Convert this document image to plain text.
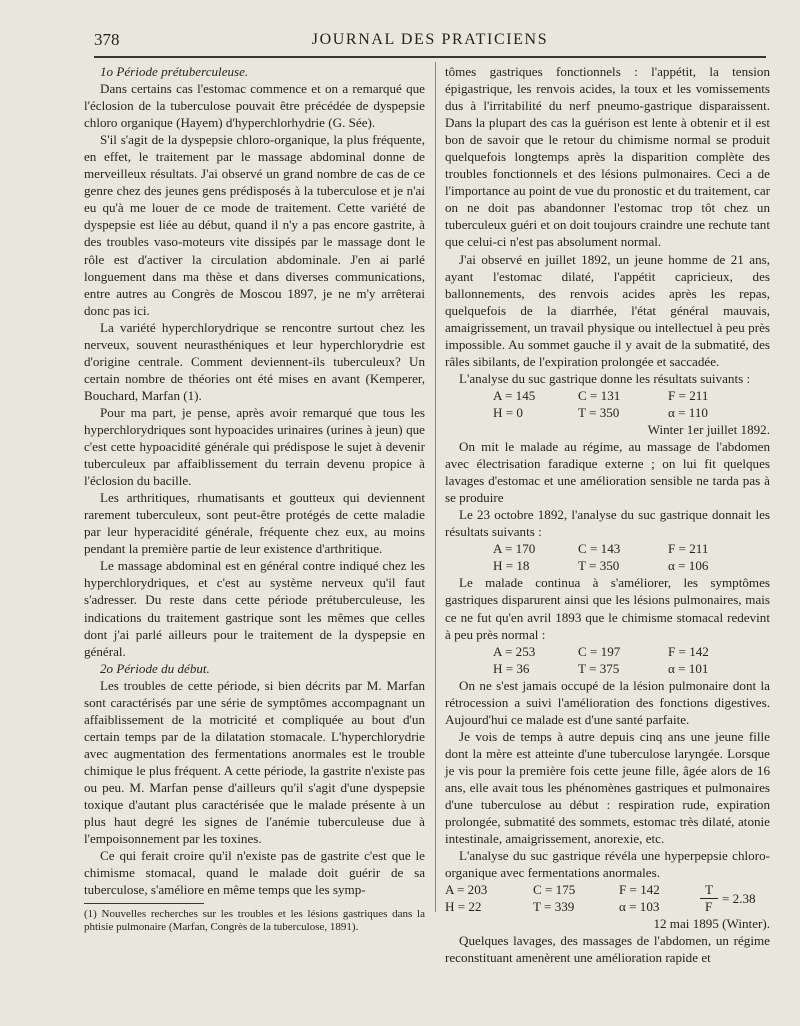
378	JOURNAL DES PRATICIENS

1o Période prétuberculeuse.

Dans certains cas l'estomac commence et on a remarqué que l'éclosion de la tuberculose pouvait être précédée de dyspepsie chloro organique (Hayem) d'hyperchlorhydrie (G. Sée).

S'il s'agit de la dyspepsie chloro-organique, la plus fréquente, en effet, le traitement par le massage abdominal donne de merveilleux résultats. J'ai observé un grand nombre de cas de ce genre chez des jeunes gens prédisposés à la tuberculose et je n'ai eu qu'à me louer de ce mode de traitement. Cette variété de dyspepsie est liée au début, quand il n'y a pas encore gastrite, à des troubles vaso-moteurs vite dissipés par le massage dont le rôle est d'activer la circulation abdominale. J'en ai parlé longuement dans ma thèse et dans diverses communications, entre autres au Congrès de Moscou 1897, je ne m'y arrêterai donc pas ici.

La variété hyperchlorydrique se rencontre surtout chez les nerveux, souvent neurasthéniques et leur hyperchlorydrie est d'origine centrale. Comment deviennent-ils tuberculeux? Un certain nombre de théories ont été mises en avant (Kemperer, Bouchard, Marfan (1).

Pour ma part, je pense, après avoir remarqué que tous les hyperchlorydriques sont hypoacides urinaires (urines à jeun) que c'est cette hypoacidité générale qui prédispose le sujet à devenir tuberculeux par affaiblissement du terrain devenu propice à l'éclosion du bacille.

Les arthritiques, rhumatisants et goutteux qui deviennent rarement tuberculeux, sont peut-être protégés de cette maladie par leur hyperacidité générale, fréquente chez eux, au moins pendant la première partie de leur existence d'arthritique.

Le massage abdominal est en général contre indiqué chez les hyperchlorydriques, et c'est au système nerveux qu'il faut s'adresser. Du reste dans cette période prétuberculeuse, les indications du traitement gastrique sont les mêmes que celles dont j'ai parlé ailleurs pour le traitement de la dyspepsie en général.

2o Période du début.

Les troubles de cette période, si bien décrits par M. Marfan sont caractérisés par une série de symptômes accompagnant un affaiblissement de la motricité et compliquée au bout d'un certain temps par de la dilatation stomacale. L'hyperchlorydrie avec augmentation des fermentations anormales est le trouble chimique le plus fréquent. A cette période, la gastrite n'existe pas ou peu. M. Marfan pense d'ailleurs qu'il s'agit d'une dyspepsie toxique d'autant plus caractérisée que le malade présente à un plus haut degré les signes de l'anémie tuberculeuse due à l'empoisonnement par les toxines.

Ce qui ferait croire qu'il n'existe pas de gastrite c'est que le chimisme stomacal, quand le malade doit guérir de sa tuberculose, s'améliore en même temps que les symp-

tômes gastriques fonctionnels : l'appétit, la tension épigastrique, les renvois acides, la toux et les vomissements dus à l'irritabilité du nerf pneumo-gastrique disparaissent. Dans la plupart des cas la guérison est lente à obtenir et il est bon de savoir que le retour du chimisme normal se produit quelquefois longtemps après la disparition complète des troubles fonctionnels et des lésions pulmonaires. Ceci a de l'importance au point de vue du pronostic et du traitement, car on ne doit pas abandonner l'estomac trop tôt chez un tuberculeux guéri et on doit toujours craindre une rechute tant que celui-ci n'est pas absolument normal.

J'ai observé en juillet 1892, un jeune homme de 21 ans, ayant l'estomac dilaté, l'appétit capricieux, des ballonnements, des renvois acides après les repas, quelquefois de la diarrhée, l'état général mauvais, amaigrissement, un travail physique ou intellectuel à peu près impossible. Au sommet gauche il y avait de la submatité, des râles sibilants, de l'expiration prolongée et saccadée.

L'analyse du suc gastrique donne les résultats suivants :

A = 145	C = 131	F = 211
H = 0	T = 350	α = 110

Winter 1er juillet 1892.

On mit le malade au régime, au massage de l'abdomen avec électrisation faradique externe ; on lui fit quelques lavages d'estomac et une amélioration sensible ne tarda pas à se produire

Le 23 octobre 1892, l'analyse du suc gastrique donnait les résultats suivants :

A = 170	C = 143	F = 211
H = 18	T = 350	α = 106

Le malade continua à s'améliorer, les symptômes gastriques disparurent ainsi que les lésions pulmonaires, mais ce ne fut qu'en avril 1893 que le chimisme stomacal redevint à peu près normal :

A = 253	C = 197	F = 142
H = 36	T = 375	α = 101

On ne s'est jamais occupé de la lésion pulmonaire dont la rétrocession a suivi l'amélioration des fonctions digestives. Aujourd'hui ce malade est d'une santé parfaite.

Je vois de temps à autre depuis cinq ans une jeune fille dont la mère est atteinte d'une tuberculose laryngée. Lorsque je vis pour la première fois cette jeune fille, âgée alors de 16 ans, elle avait tous les phénomènes gastriques et pulmonaires d'une tuberculose au début : respiration rude, expiration prolongée, submatité des sommets, estomac très dilaté, atonie intestinale, amaigrissement, anorexie, etc.

L'analyse du suc gastrique révéla une hyperpepsie chloro-organique avec fermentations anormales.

A = 203	C = 175	F = 142
H = 22	T = 339	α = 103
T
F
= 2.38

12 mai 1895 (Winter).

Quelques lavages, des massages de l'abdomen, un régime reconstituant amenèrent une amélioration rapide et

(1) Nouvelles recherches sur les troubles et les lésions gastriques dans la phtisie pulmonaire (Marfan, Congrès de la tuberculose, 1891).
